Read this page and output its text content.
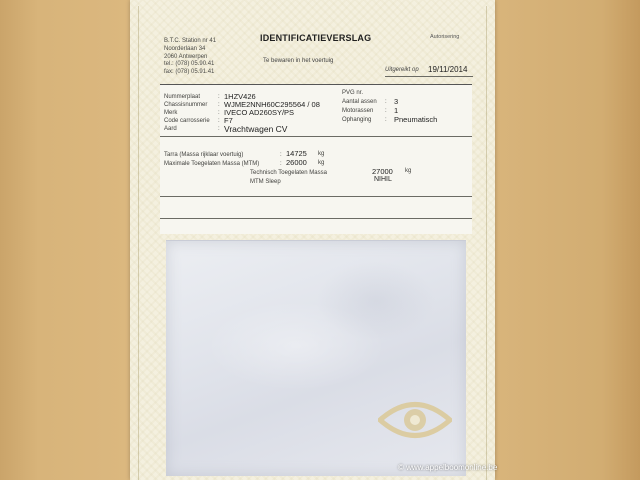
B.T.C. Station nr 41
Noorderlaan 34
2060 Antwerpen
tel.: (078) 05.90.41
fax: (078) 05.91.41
IDENTIFICATIEVERSLAG	Autorisering
Te bewaren in het voertuig
Uitgereikt op 19/11/2014
Nummerplaat	: 1HZV426
Chassisnummer : WJME2NNH60C295564 / 08
Merk	: IVECO AD260SY/PS
Code carrosserie : F7
Aard	: Vrachtwagen CV
PVG nr.
Aantal assen : 3
Motorassen : 1
Ophanging : Pneumatisch
Tarra (Massa rijklaar voertuig)	: 14725 kg
Maximale Toegelaten Massa (MTM)	: 26000 kg
Technisch Toegelaten Massa	27000 kg
MTM Sleep	NIHIL
© www.appelboomonline.be
